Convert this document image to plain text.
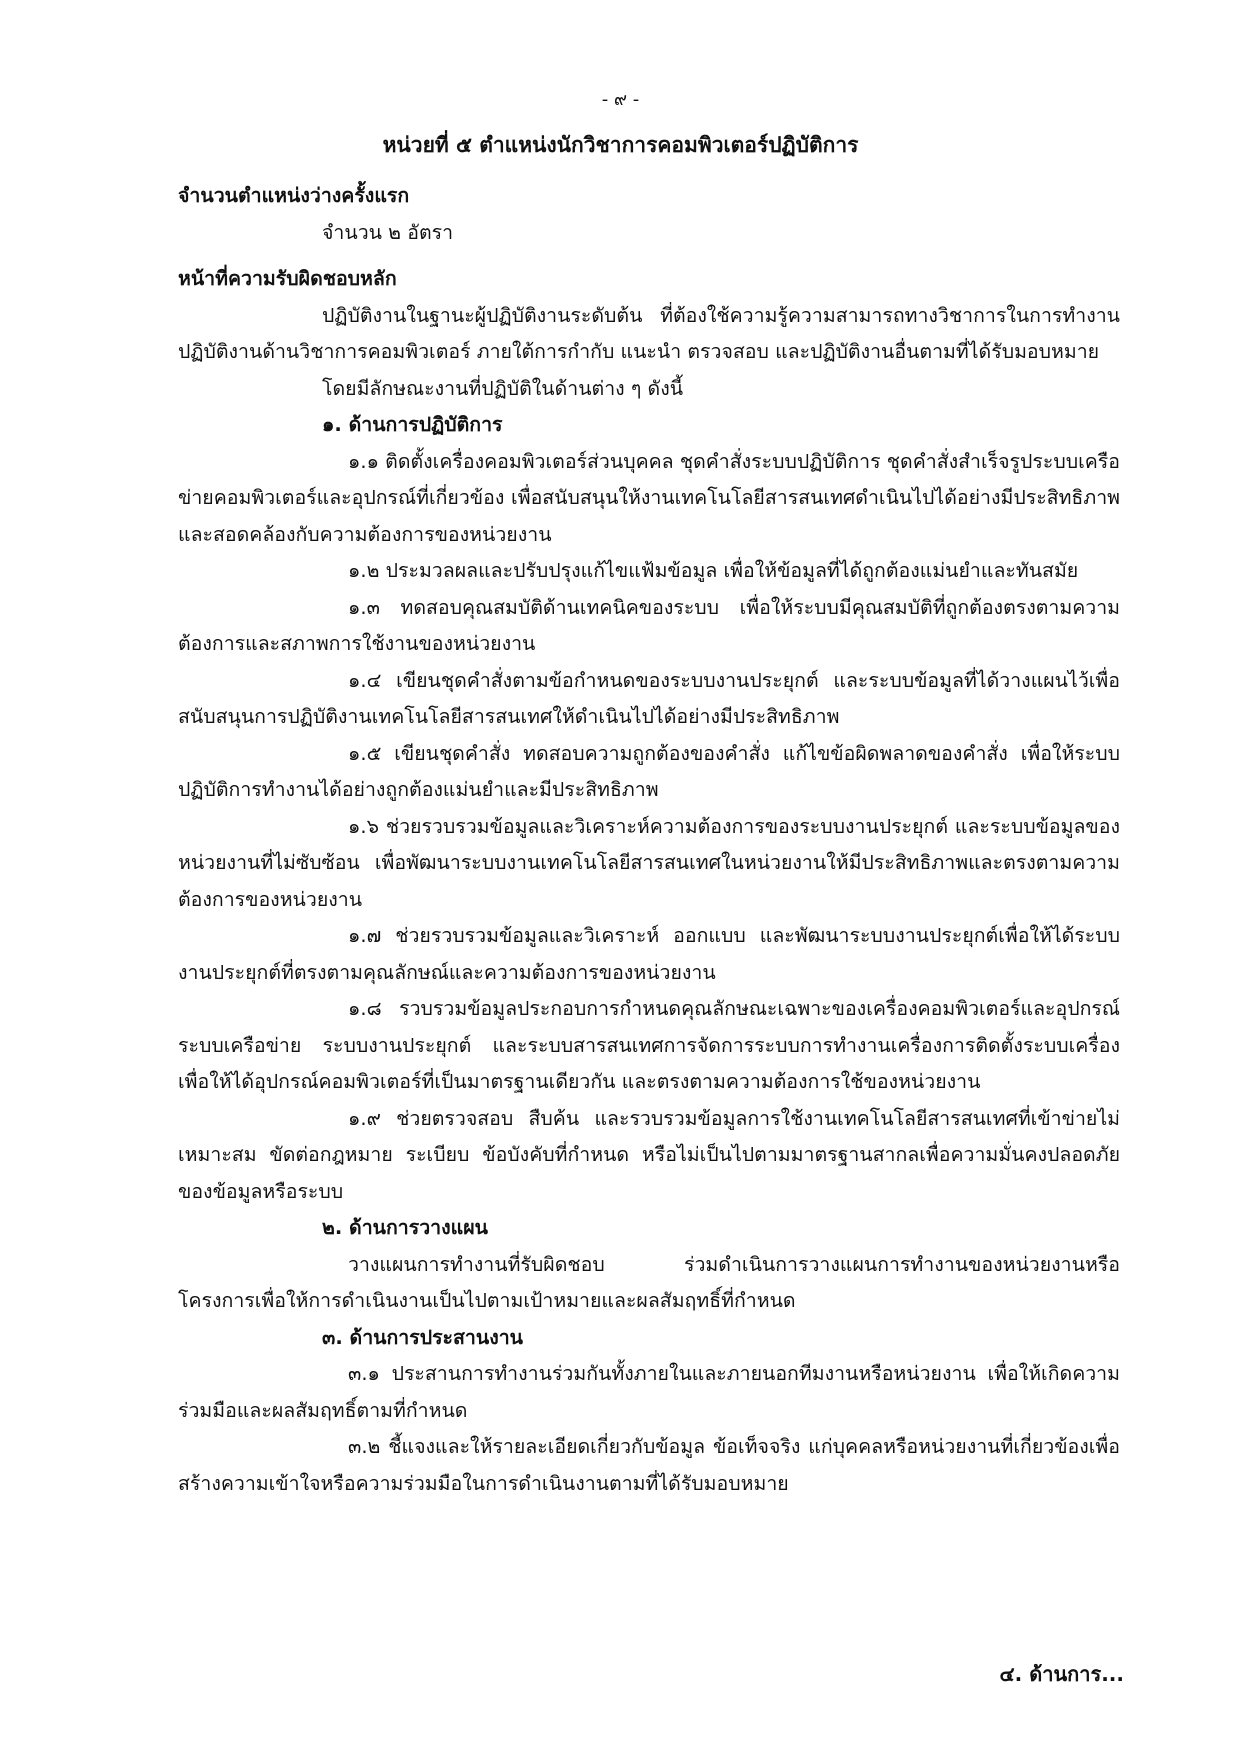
- ๙ -
หน่วยที่ ๕ ตำแหน่งนักวิชาการคอมพิวเตอร์ปฏิบัติการ

จำนวนตำแหน่งว่างครั้งแรก

จำนวน ๒ อัตรา

หน้าที่ความรับผิดชอบหลัก

ปฏิบัติงานในฐานะผู้ปฏิบัติงานระดับต้น ที่ต้องใช้ความรู้ความสามารถทางวิชาการในการทำงานปฏิบัติงานด้านวิชาการคอมพิวเตอร์ ภายใต้การกำกับ แนะนำ ตรวจสอบ และปฏิบัติงานอื่นตามที่ได้รับมอบหมาย

โดยมีลักษณะงานที่ปฏิบัติในด้านต่าง ๆ ดังนี้

๑. ด้านการปฏิบัติการ

๑.๑ ติดตั้งเครื่องคอมพิวเตอร์ส่วนบุคคล ชุดคำสั่งระบบปฏิบัติการ ชุดคำสั่งสำเร็จรูประบบเครือข่ายคอมพิวเตอร์และอุปกรณ์ที่เกี่ยวข้อง เพื่อสนับสนุนให้งานเทคโนโลยีสารสนเทศดำเนินไปได้อย่างมีประสิทธิภาพและสอดคล้องกับความต้องการของหน่วยงาน

๑.๒ ประมวลผลและปรับปรุงแก้ไขแฟ้มข้อมูล เพื่อให้ข้อมูลที่ได้ถูกต้องแม่นยำและทันสมัย

๑.๓ ทดสอบคุณสมบัติด้านเทคนิคของระบบ เพื่อให้ระบบมีคุณสมบัติที่ถูกต้องตรงตามความต้องการและสภาพการใช้งานของหน่วยงาน

๑.๔ เขียนชุดคำสั่งตามข้อกำหนดของระบบงานประยุกต์ และระบบข้อมูลที่ได้วางแผนไว้เพื่อสนับสนุนการปฏิบัติงานเทคโนโลยีสารสนเทศให้ดำเนินไปได้อย่างมีประสิทธิภาพ

๑.๕ เขียนชุดคำสั่ง ทดสอบความถูกต้องของคำสั่ง แก้ไขข้อผิดพลาดของคำสั่ง เพื่อให้ระบบปฏิบัติการทำงานได้อย่างถูกต้องแม่นยำและมีประสิทธิภาพ

๑.๖ ช่วยรวบรวมข้อมูลและวิเคราะห์ความต้องการของระบบงานประยุกต์ และระบบข้อมูลของหน่วยงานที่ไม่ซับซ้อน เพื่อพัฒนาระบบงานเทคโนโลยีสารสนเทศในหน่วยงานให้มีประสิทธิภาพและตรงตามความต้องการของหน่วยงาน

๑.๗ ช่วยรวบรวมข้อมูลและวิเคราะห์ ออกแบบ และพัฒนาระบบงานประยุกต์เพื่อให้ได้ระบบงานประยุกต์ที่ตรงตามคุณลักษณ์และความต้องการของหน่วยงาน

๑.๘ รวบรวมข้อมูลประกอบการกำหนดคุณลักษณะเฉพาะของเครื่องคอมพิวเตอร์และอุปกรณ์ ระบบเครือข่าย ระบบงานประยุกต์ และระบบสารสนเทศการจัดการระบบการทำงานเครื่องการติดตั้งระบบเครื่อง เพื่อให้ได้อุปกรณ์คอมพิวเตอร์ที่เป็นมาตรฐานเดียวกัน และตรงตามความต้องการใช้ของหน่วยงาน

๑.๙ ช่วยตรวจสอบ สืบค้น และรวบรวมข้อมูลการใช้งานเทคโนโลยีสารสนเทศที่เข้าข่ายไม่เหมาะสม ขัดต่อกฎหมาย ระเบียบ ข้อบังคับที่กำหนด หรือไม่เป็นไปตามมาตรฐานสากลเพื่อความมั่นคงปลอดภัยของข้อมูลหรือระบบ

๒. ด้านการวางแผน

วางแผนการทำงานที่รับผิดชอบ ร่วมดำเนินการวางแผนการทำงานของหน่วยงานหรือโครงการเพื่อให้การดำเนินงานเป็นไปตามเป้าหมายและผลสัมฤทธิ์ที่กำหนด

๓. ด้านการประสานงาน

๓.๑ ประสานการทำงานร่วมกันทั้งภายในและภายนอกทีมงานหรือหน่วยงาน เพื่อให้เกิดความร่วมมือและผลสัมฤทธิ์ตามที่กำหนด

๓.๒ ชี้แจงและให้รายละเอียดเกี่ยวกับข้อมูล ข้อเท็จจริง แก่บุคคลหรือหน่วยงานที่เกี่ยวข้องเพื่อสร้างความเข้าใจหรือความร่วมมือในการดำเนินงานตามที่ได้รับมอบหมาย

๔. ด้านการ...
